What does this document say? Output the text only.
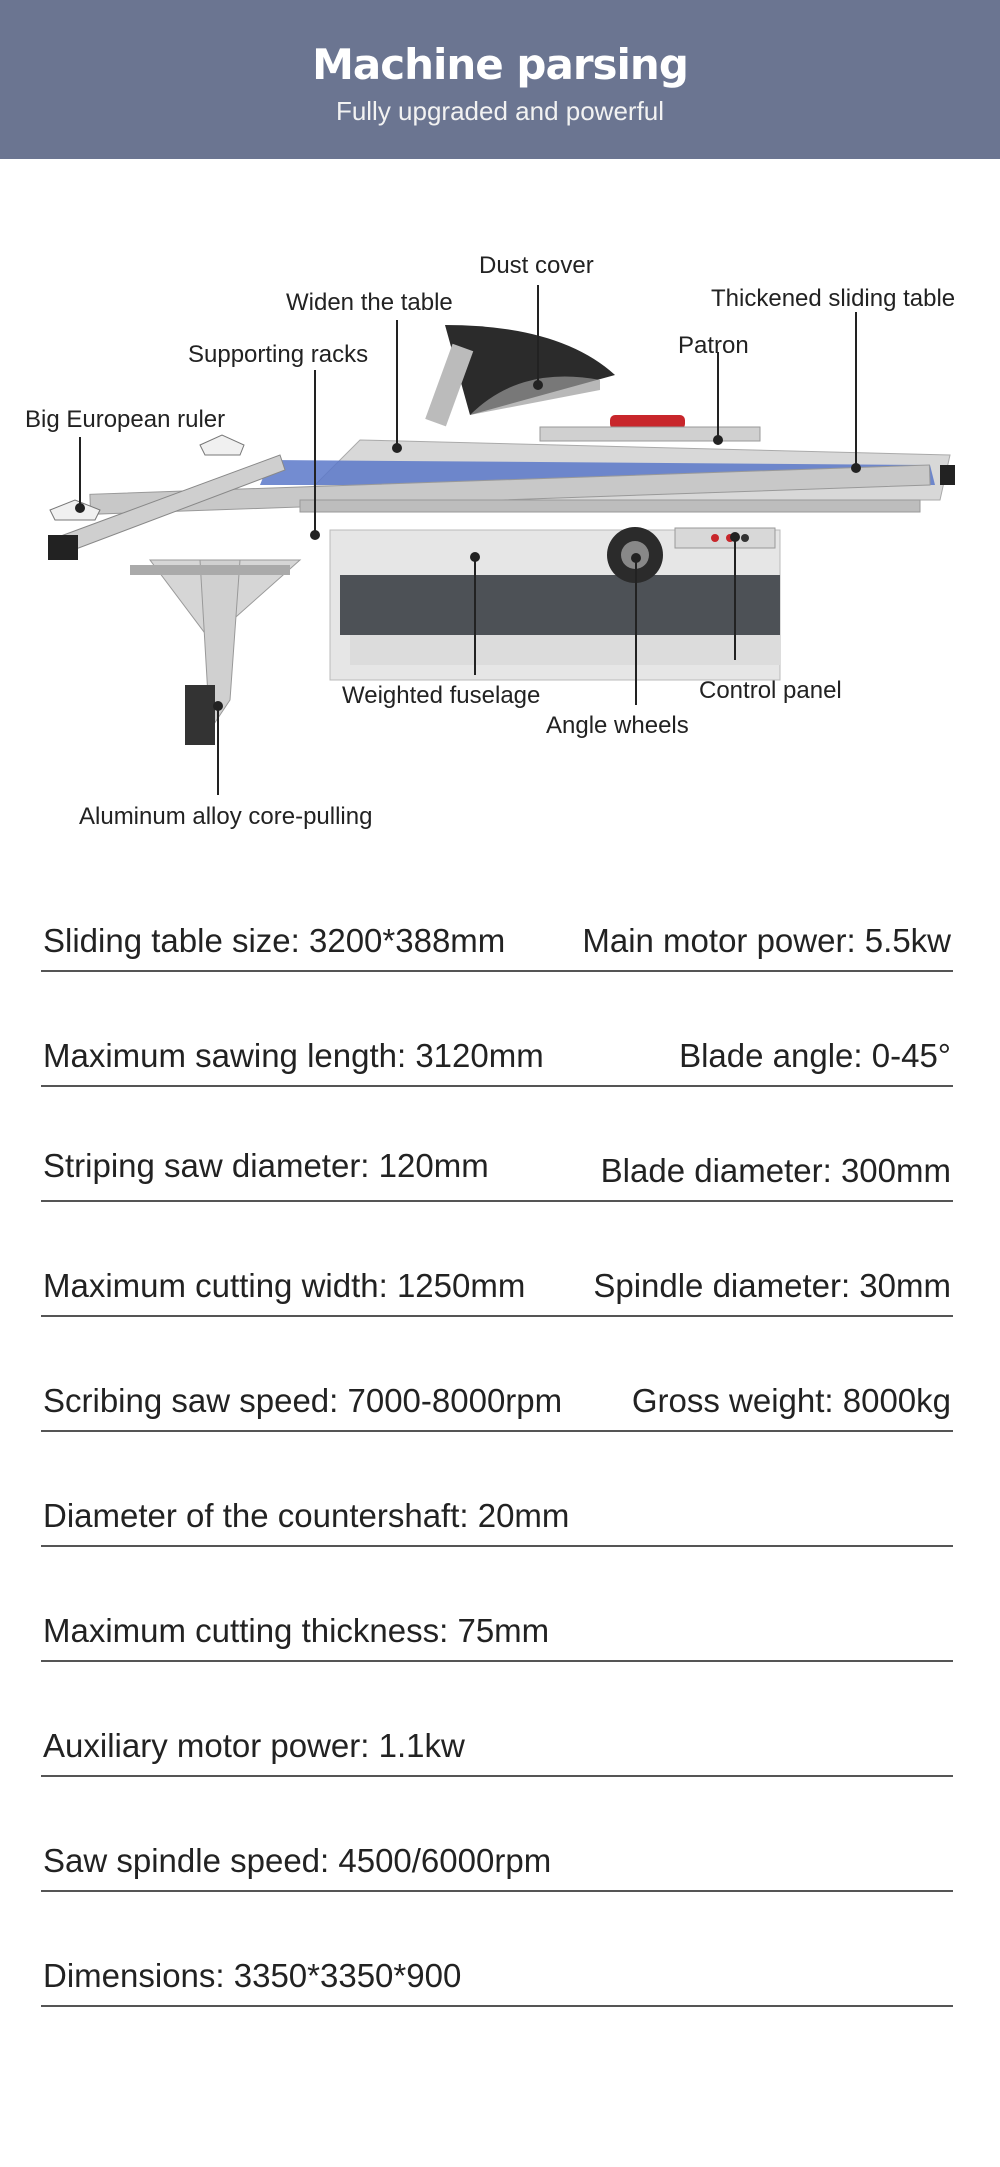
Machine parsing
Fully upgraded and powerful
Dust cover
Widen the table	Thickened sliding table
Supporting racks	Patron
Big European ruler
Weighted fuselage	Control panel
Angle wheels
Aluminum alloy core-pulling
Sliding table size: 3200*388mm Main motor power: 5.5kw
Maximum sawing length: 3120mm	Blade angle: 0-45°
Striping saw diameter: 120mm	Blade diameter: 300mm
Maximum cutting width: 1250mm Spindle diameter: 30mm
Scribing saw speed: 7000-8000rpm Gross weight: 8000kg
Diameter of the countershaft: 20mm
Maximum cutting thickness: 75mm
Auxiliary motor power: 1.1kw
Saw spindle speed: 4500/6000rpm
Dimensions: 3350*3350*900
